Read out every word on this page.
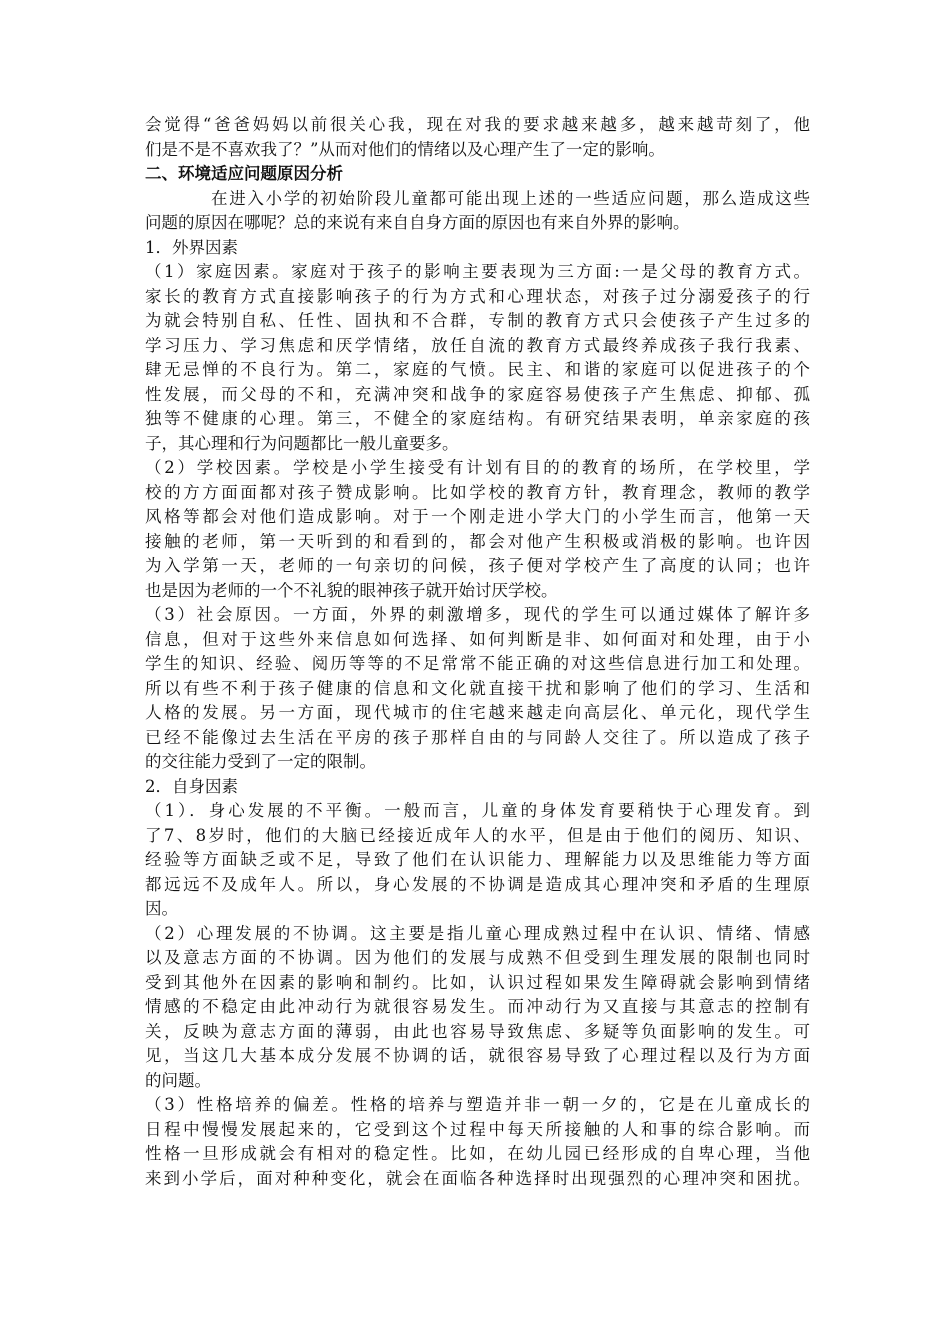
会觉得“爸爸妈妈以前很关心我，现在对我的要求越来越多，越来越苛刻了，他
们是不是不喜欢我了？”从而对他们的情绪以及心理产生了一定的影响。
二、环境适应问题原因分析
在进入小学的初始阶段儿童都可能出现上述的一些适应问题，那么造成这些
问题的原因在哪呢？总的来说有来自自身方面的原因也有来自外界的影响。
1．外界因素
（1）家庭因素。家庭对于孩子的影响主要表现为三方面:一是父母的教育方式。
家长的教育方式直接影响孩子的行为方式和心理状态，对孩子过分溺爱孩子的行
为就会特别自私、任性、固执和不合群，专制的教育方式只会使孩子产生过多的
学习压力、学习焦虑和厌学情绪，放任自流的教育方式最终养成孩子我行我素、
肆无忌惮的不良行为。第二，家庭的气愤。民主、和谐的家庭可以促进孩子的个
性发展，而父母的不和，充满冲突和战争的家庭容易使孩子产生焦虑、抑郁、孤
独等不健康的心理。第三，不健全的家庭结构。有研究结果表明，单亲家庭的孩
子，其心理和行为问题都比一般儿童要多。
（2）学校因素。学校是小学生接受有计划有目的的教育的场所，在学校里，学
校的方方面面都对孩子赞成影响。比如学校的教育方针，教育理念，教师的教学
风格等都会对他们造成影响。对于一个刚走进小学大门的小学生而言，他第一天
接触的老师，第一天听到的和看到的，都会对他产生积极或消极的影响。也许因
为入学第一天，老师的一句亲切的问候，孩子便对学校产生了高度的认同；也许
也是因为老师的一个不礼貌的眼神孩子就开始讨厌学校。
（3）社会原因。一方面，外界的刺激增多，现代的学生可以通过媒体了解许多
信息，但对于这些外来信息如何选择、如何判断是非、如何面对和处理，由于小
学生的知识、经验、阅历等等的不足常常不能正确的对这些信息进行加工和处理。
所以有些不利于孩子健康的信息和文化就直接干扰和影响了他们的学习、生活和
人格的发展。另一方面，现代城市的住宅越来越走向高层化、单元化，现代学生
已经不能像过去生活在平房的孩子那样自由的与同龄人交往了。所以造成了孩子
的交往能力受到了一定的限制。
2．自身因素
（1）．身心发展的不平衡。一般而言，儿童的身体发育要稍快于心理发育。到
了7、8岁时，他们的大脑已经接近成年人的水平，但是由于他们的阅历、知识、
经验等方面缺乏或不足，导致了他们在认识能力、理解能力以及思维能力等方面
都远远不及成年人。所以，身心发展的不协调是造成其心理冲突和矛盾的生理原
因。
（2）心理发展的不协调。这主要是指儿童心理成熟过程中在认识、情绪、情感
以及意志方面的不协调。因为他们的发展与成熟不但受到生理发展的限制也同时
受到其他外在因素的影响和制约。比如，认识过程如果发生障碍就会影响到情绪
情感的不稳定由此冲动行为就很容易发生。而冲动行为又直接与其意志的控制有
关，反映为意志方面的薄弱，由此也容易导致焦虑、多疑等负面影响的发生。可
见，当这几大基本成分发展不协调的话，就很容易导致了心理过程以及行为方面
的问题。
（3）性格培养的偏差。性格的培养与塑造并非一朝一夕的，它是在儿童成长的
日程中慢慢发展起来的，它受到这个过程中每天所接触的人和事的综合影响。而
性格一旦形成就会有相对的稳定性。比如，在幼儿园已经形成的自卑心理，当他
来到小学后，面对种种变化，就会在面临各种选择时出现强烈的心理冲突和困扰。
